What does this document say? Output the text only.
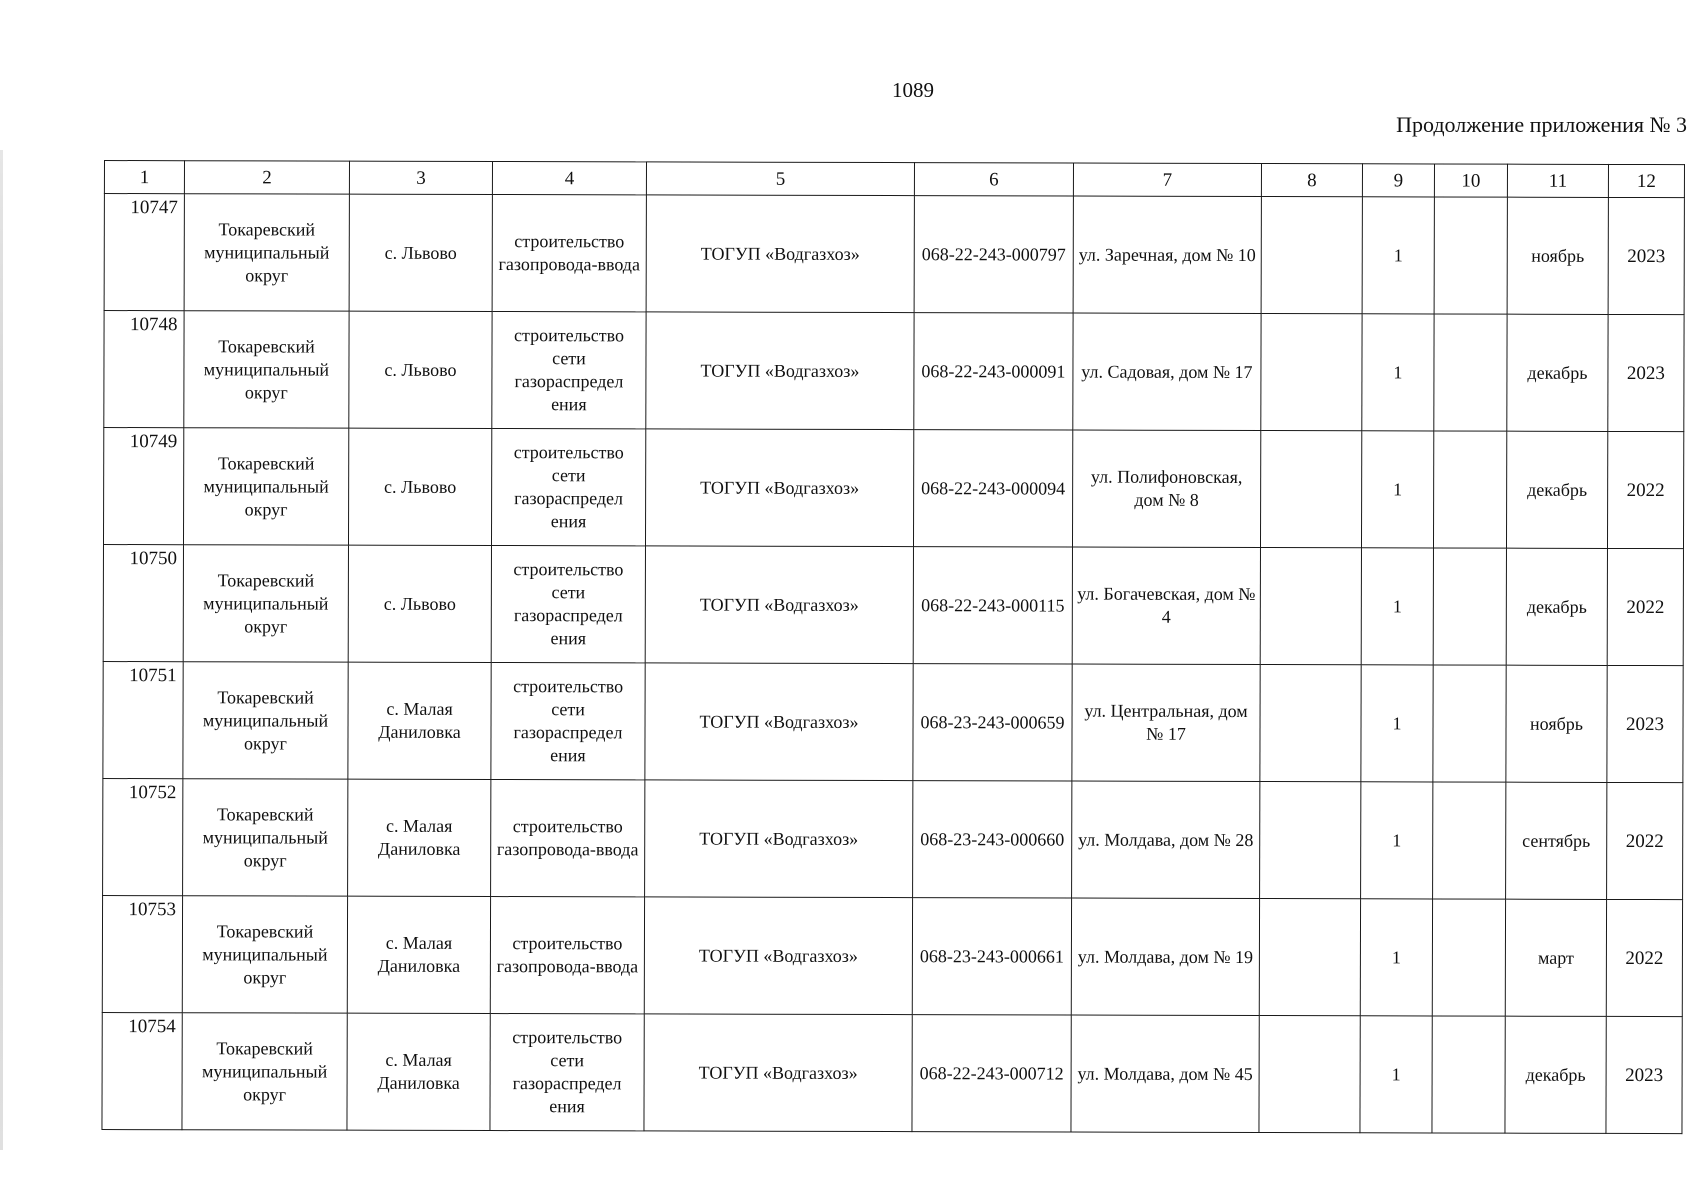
1089
Продолжение приложения № 3
1	2	3	4	5	6	7	8	9	10	11	12
10747	Токаревский муниципальный округ	с. Львово	строительство газопровода-ввода	ТОГУП «Водгазхоз»	068-22-243-000797	ул. Заречная, дом № 10		1		ноябрь	2023
10748	Токаревский муниципальный округ	с. Львово	строительство сети газораспредел ения	ТОГУП «Водгазхоз»	068-22-243-000091	ул. Садовая, дом № 17		1		декабрь	2023
10749	Токаревский муниципальный округ	с. Львово	строительство сети газораспредел ения	ТОГУП «Водгазхоз»	068-22-243-000094	ул. Полифоновская, дом № 8		1		декабрь	2022
10750	Токаревский муниципальный округ	с. Львово	строительство сети газораспредел ения	ТОГУП «Водгазхоз»	068-22-243-000115	ул. Богачевская, дом № 4		1		декабрь	2022
10751	Токаревский муниципальный округ	с. Малая Даниловка	строительство сети газораспредел ения	ТОГУП «Водгазхоз»	068-23-243-000659	ул. Центральная, дом № 17		1		ноябрь	2023
10752	Токаревский муниципальный округ	с. Малая Даниловка	строительство газопровода-ввода	ТОГУП «Водгазхоз»	068-23-243-000660	ул. Молдава, дом № 28		1		сентябрь	2022
10753	Токаревский муниципальный округ	с. Малая Даниловка	строительство газопровода-ввода	ТОГУП «Водгазхоз»	068-23-243-000661	ул. Молдава, дом № 19		1		март	2022
10754	Токаревский муниципальный округ	с. Малая Даниловка	строительство сети газораспредел ения	ТОГУП «Водгазхоз»	068-22-243-000712	ул. Молдава, дом № 45		1		декабрь	2023
